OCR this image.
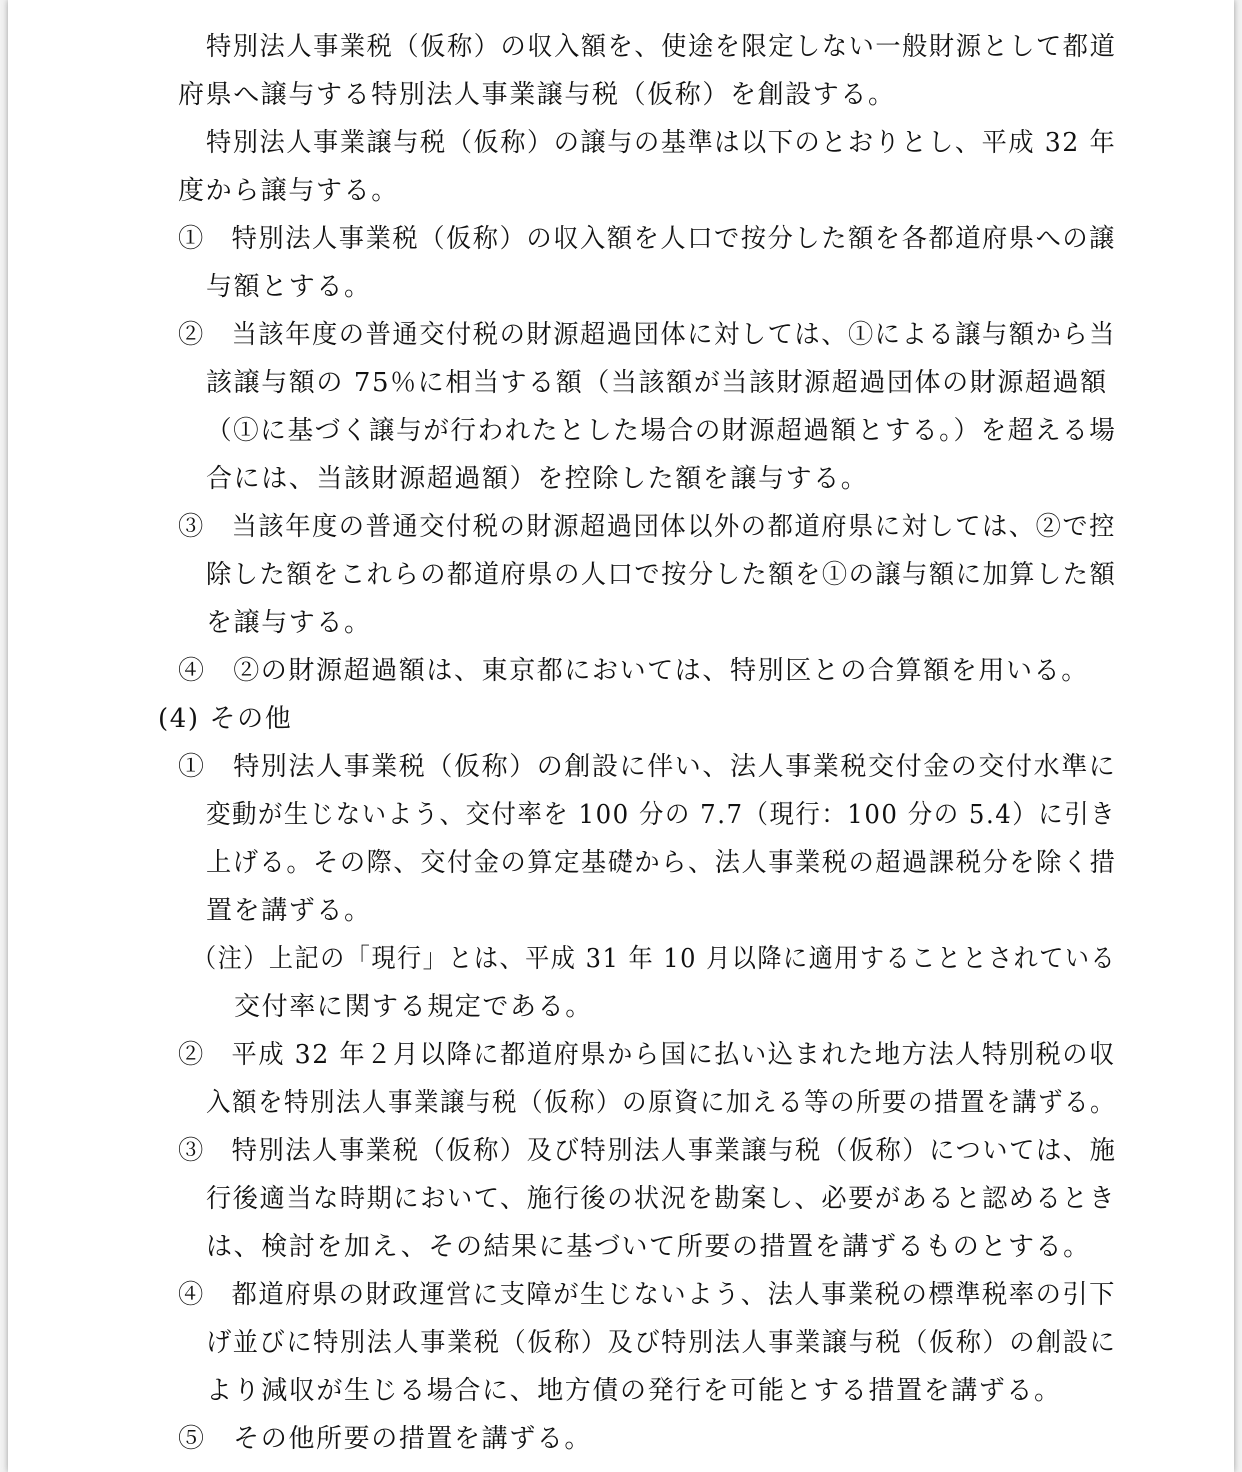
特別法人事業税（仮称）の収入額を、使途を限定しない一般財源として都道
府県へ譲与する特別法人事業譲与税（仮称）を創設する。
特別法人事業譲与税（仮称）の譲与の基準は以下のとおりとし、平成 32 年
度から譲与する。
①　特別法人事業税（仮称）の収入額を人口で按分した額を各都道府県への譲
与額とする。
②　当該年度の普通交付税の財源超過団体に対しては、①による譲与額から当
該譲与額の 75％に相当する額（当該額が当該財源超過団体の財源超過額
（①に基づく譲与が行われたとした場合の財源超過額とする。）を超える場
合には、当該財源超過額）を控除した額を譲与する。
③　当該年度の普通交付税の財源超過団体以外の都道府県に対しては、②で控
除した額をこれらの都道府県の人口で按分した額を①の譲与額に加算した額
を譲与する。
④　②の財源超過額は、東京都においては、特別区との合算額を用いる。
(4) その他
①　特別法人事業税（仮称）の創設に伴い、法人事業税交付金の交付水準に
変動が生じないよう、交付率を 100 分の 7.7（現行：100 分の 5.4）に引き
上げる。その際、交付金の算定基礎から、法人事業税の超過課税分を除く措
置を講ずる。
（注）上記の「現行」とは、平成 31 年 10 月以降に適用することとされている
交付率に関する規定である。
②　平成 32 年２月以降に都道府県から国に払い込まれた地方法人特別税の収
入額を特別法人事業譲与税（仮称）の原資に加える等の所要の措置を講ずる。
③　特別法人事業税（仮称）及び特別法人事業譲与税（仮称）については、施
行後適当な時期において、施行後の状況を勘案し、必要があると認めるとき
は、検討を加え、その結果に基づいて所要の措置を講ずるものとする。
④　都道府県の財政運営に支障が生じないよう、法人事業税の標準税率の引下
げ並びに特別法人事業税（仮称）及び特別法人事業譲与税（仮称）の創設に
より減収が生じる場合に、地方債の発行を可能とする措置を講ずる。
⑤　その他所要の措置を講ずる。
